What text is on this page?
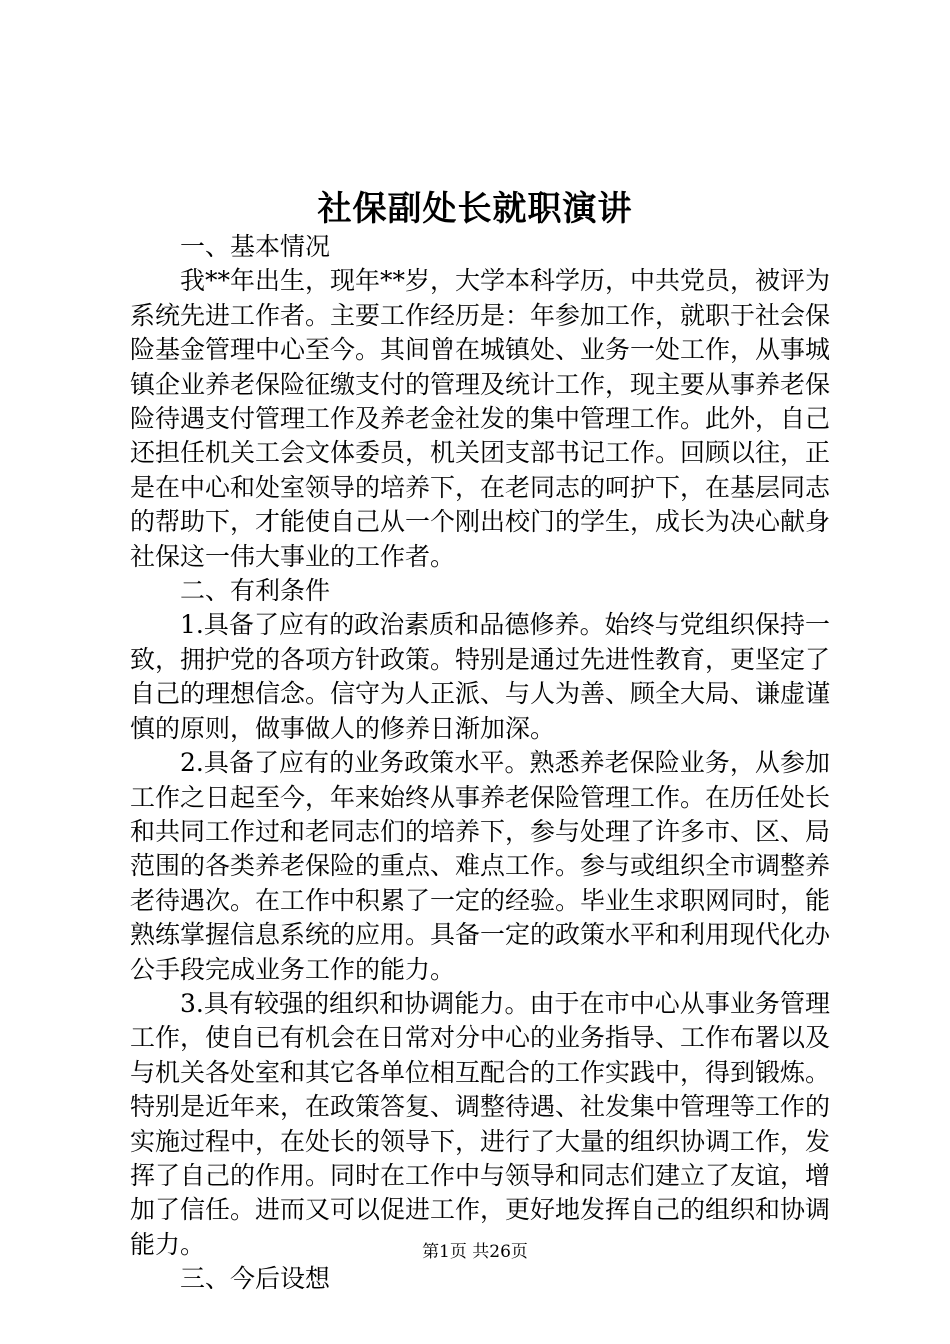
社保副处长就职演讲

一、基本情况

我**年出生，现年**岁，大学本科学历，中共党员，被评为系统先进工作者。主要工作经历是：年参加工作，就职于社会保险基金管理中心至今。其间曾在城镇处、业务一处工作，从事城镇企业养老保险征缴支付的管理及统计工作，现主要从事养老保险待遇支付管理工作及养老金社发的集中管理工作。此外，自己还担任机关工会文体委员，机关团支部书记工作。回顾以往，正是在中心和处室领导的培养下，在老同志的呵护下，在基层同志的帮助下，才能使自己从一个刚出校门的学生，成长为决心献身社保这一伟大事业的工作者。

二、有利条件

1.具备了应有的政治素质和品德修养。始终与党组织保持一致，拥护党的各项方针政策。特别是通过先进性教育，更坚定了自己的理想信念。信守为人正派、与人为善、顾全大局、谦虚谨慎的原则，做事做人的修养日渐加深。

2.具备了应有的业务政策水平。熟悉养老保险业务，从参加工作之日起至今，年来始终从事养老保险管理工作。在历任处长和共同工作过和老同志们的培养下，参与处理了许多市、区、局范围的各类养老保险的重点、难点工作。参与或组织全市调整养老待遇次。在工作中积累了一定的经验。毕业生求职网同时，能熟练掌握信息系统的应用。具备一定的政策水平和利用现代化办公手段完成业务工作的能力。

3.具有较强的组织和协调能力。由于在市中心从事业务管理工作，使自已有机会在日常对分中心的业务指导、工作布署以及与机关各处室和其它各单位相互配合的工作实践中，得到锻炼。特别是近年来，在政策答复、调整待遇、社发集中管理等工作的实施过程中，在处长的领导下，进行了大量的组织协调工作，发挥了自己的作用。同时在工作中与领导和同志们建立了友谊，增加了信任。进而又可以促进工作，更好地发挥自己的组织和协调能力。

三、今后设想

第1页 共26页
